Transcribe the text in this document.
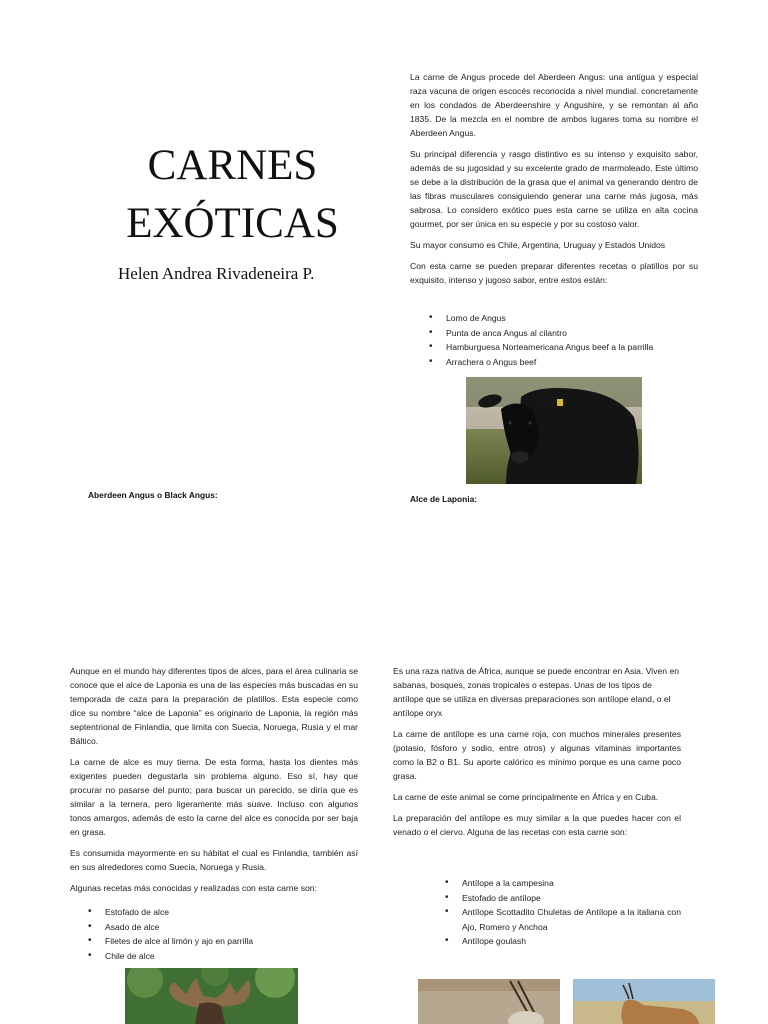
CARNES
EXÓTICAS
Helen Andrea Rivadeneira P.

La carne de Angus procede del Aberdeen Angus: una antigua y especial raza vacuna de origen escocés reconocida a nivel mundial. concretamente en los condados de Aberdeenshire y Angushire, y se remontan al año 1835. De la mezcla en el nombre de ambos lugares toma su nombre el Aberdeen Angus.

Su principal diferencia y rasgo distintivo es su intenso y exquisito sabor, además de su jugosidad y su excelente grado de marmoleado. Este último se debe a la distribución de la grasa que el animal va generando dentro de las fibras musculares consiguiendo generar una carne más jugosa, más sabrosa. Lo considero exótico pues esta carne se utiliza en alta cocina gourmet, por ser única en su especie y por su costoso valor.

Su mayor consumo es Chile, Argentina, Uruguay y Estados Unidos

Con esta carne se pueden preparar diferentes recetas o platillos por su exquisito, intenso y jugoso sabor, entre estos están:

• Lomo de Angus
• Punta de anca Angus al cilantro
• Hamburguesa Norteamericana Angus beef a la parrilla
• Arrachera o Angus beef
Aberdeen Angus o Black Angus:	Alce de Laponia:

Aunque en el mundo hay diferentes tipos de alces, para el área culinaria se conoce que el alce de Laponia es una de las especies más buscadas en su temporada de caza para la preparación de platillos. Esta especie como dice su nombre “alce de Laponia” es originario de Laponia, la región más septentrional de Finlandia, que limita con Suecia, Noruega, Rusia y el mar Báltico.

La carne de alce es muy tierna. De esta forma, hasta los dientes más exigentes pueden degustarla sin problema alguno. Eso sí, hay que procurar no pasarse del punto; para buscar un parecido, se diría que es similar a la ternera, pero ligeramente más suave. Incluso con algunos tonos amargos, además de esto la carne del alce es conocida por ser baja en grasa.

Es consumida mayormente en su hábitat el cual es Finlandia, también así en sus alrededores como Suecia, Noruega y Rusia.

Algunas recetas más conocidas y realizadas con esta carne son:

• Estofado de alce
• Asado de alce
• Filetes de alce al limón y ajo en parrilla
• Chile de alce

Es una raza nativa de África, aunque se puede encontrar en Asia. Viven en sabanas, bosques, zonas tropicales o estepas. Unas de los tipos de antílope que se utiliza en diversas preparaciones son antílope eland, o el antílope oryx

La carne de antílope es una carne roja, con muchos minerales presentes (potasio, fósforo y sodio, entre otros) y algunas vitaminas importantes como la B2 o B1. Su aporte calórico es mínimo porque es una carne poco grasa.

La carne de este animal se come principalmente en África y en Cuba.

La preparación del antílope es muy similar a la que puedes hacer con el venado o el ciervo. Alguna de las recetas con esta carne son:

• Antílope a la campesina
• Estofado de antílope
• Antílope Scottadito Chuletas de Antílope a la italiana con Ajo, Romero y Anchoa
• Antílope goulash
